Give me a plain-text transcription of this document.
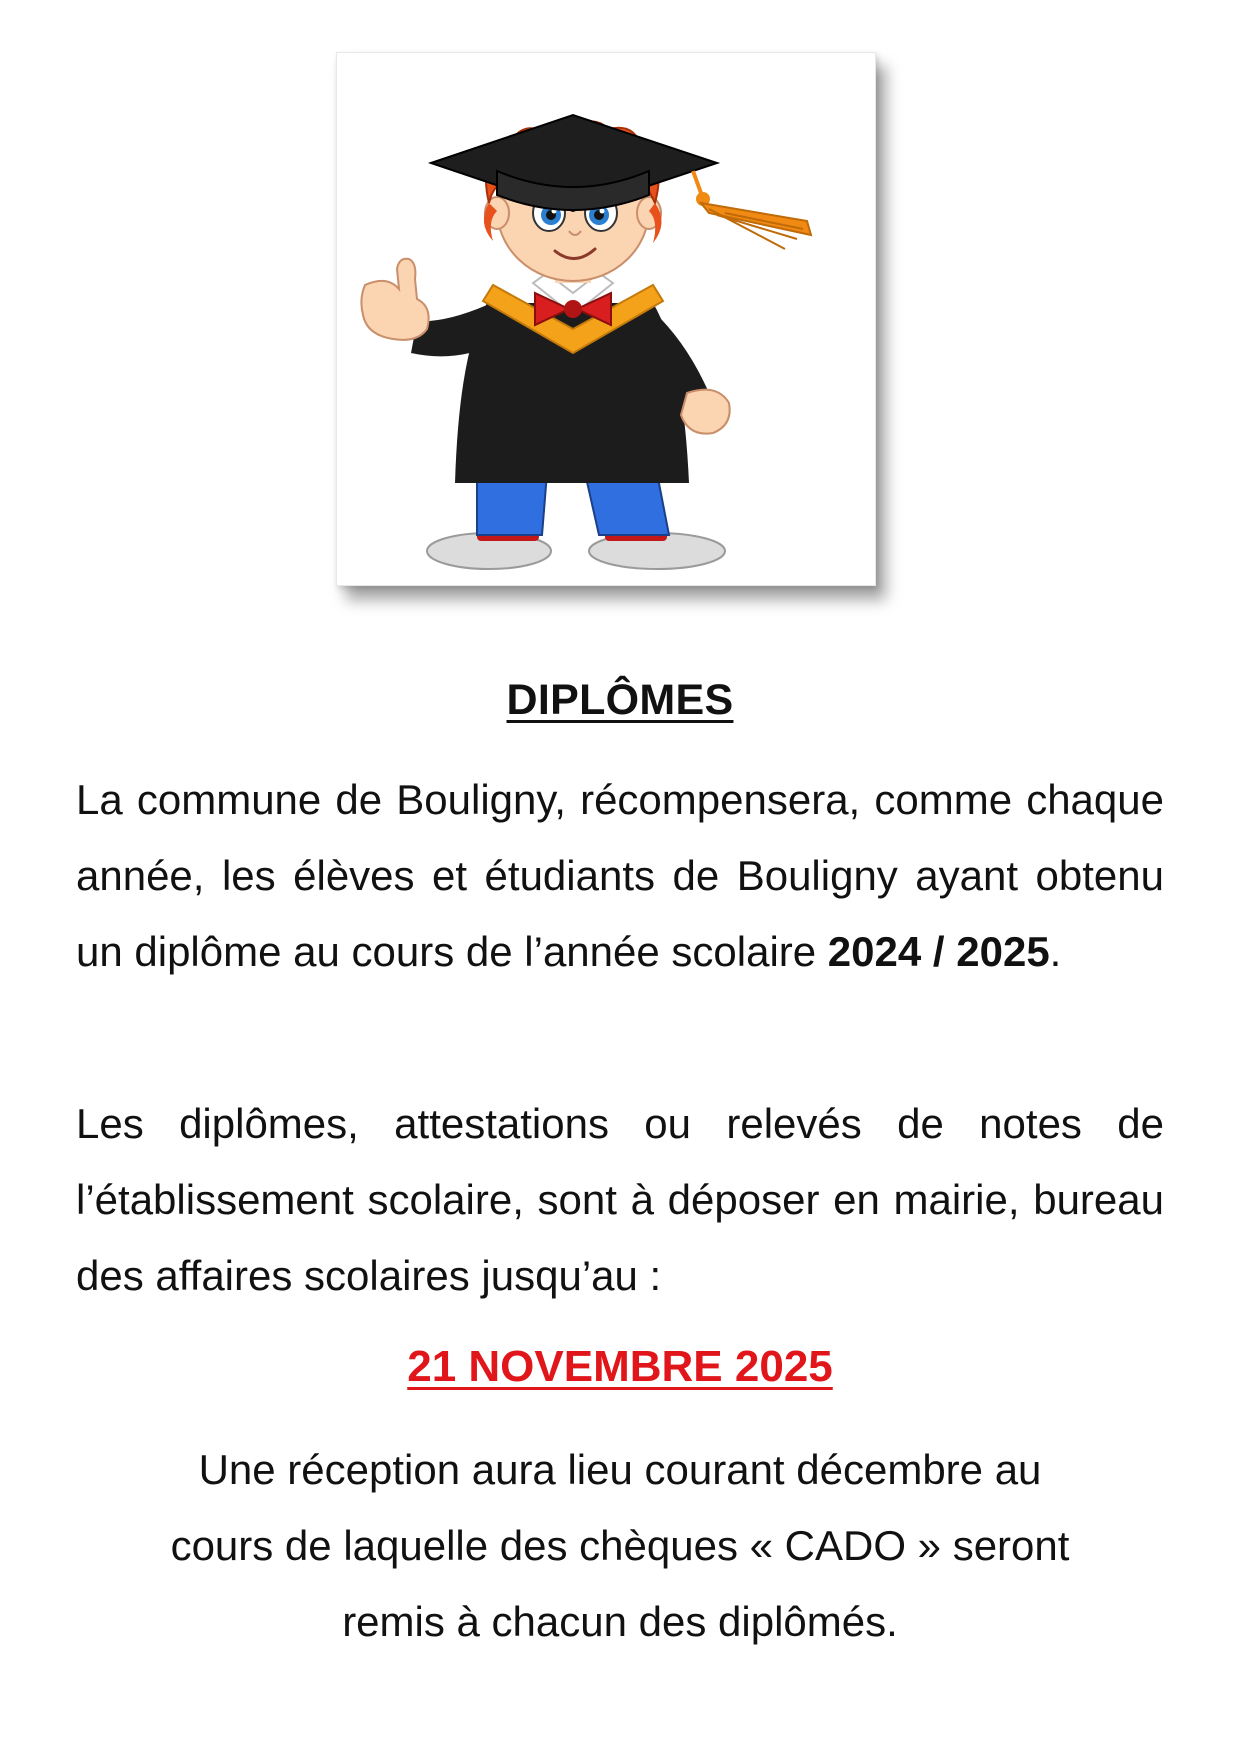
DIPLÔMES

La commune de Bouligny, récompensera, comme chaque année, les élèves et étudiants de Bouligny ayant obtenu un diplôme au cours de l’année scolaire 2024 / 2025.

Les diplômes, attestations ou relevés de notes de l’établissement scolaire, sont à déposer en mairie, bureau des affaires scolaires jusqu’au :

21 NOVEMBRE 2025

Une réception aura lieu courant décembre au
cours de laquelle des chèques « CADO » seront
remis à chacun des diplômés.
